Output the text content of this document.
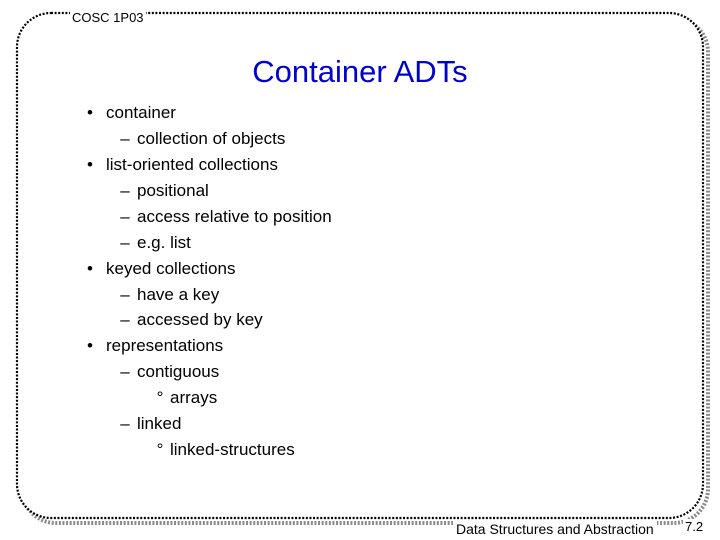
COSC 1P03
Container ADTs
• container
– collection of objects
• list-oriented collections
– positional
– access relative to position
– e.g. list
• keyed collections
– have a key
– accessed by key
• representations
– contiguous
° arrays
– linked
° linked-structures
Data Structures and Abstraction 7.2
